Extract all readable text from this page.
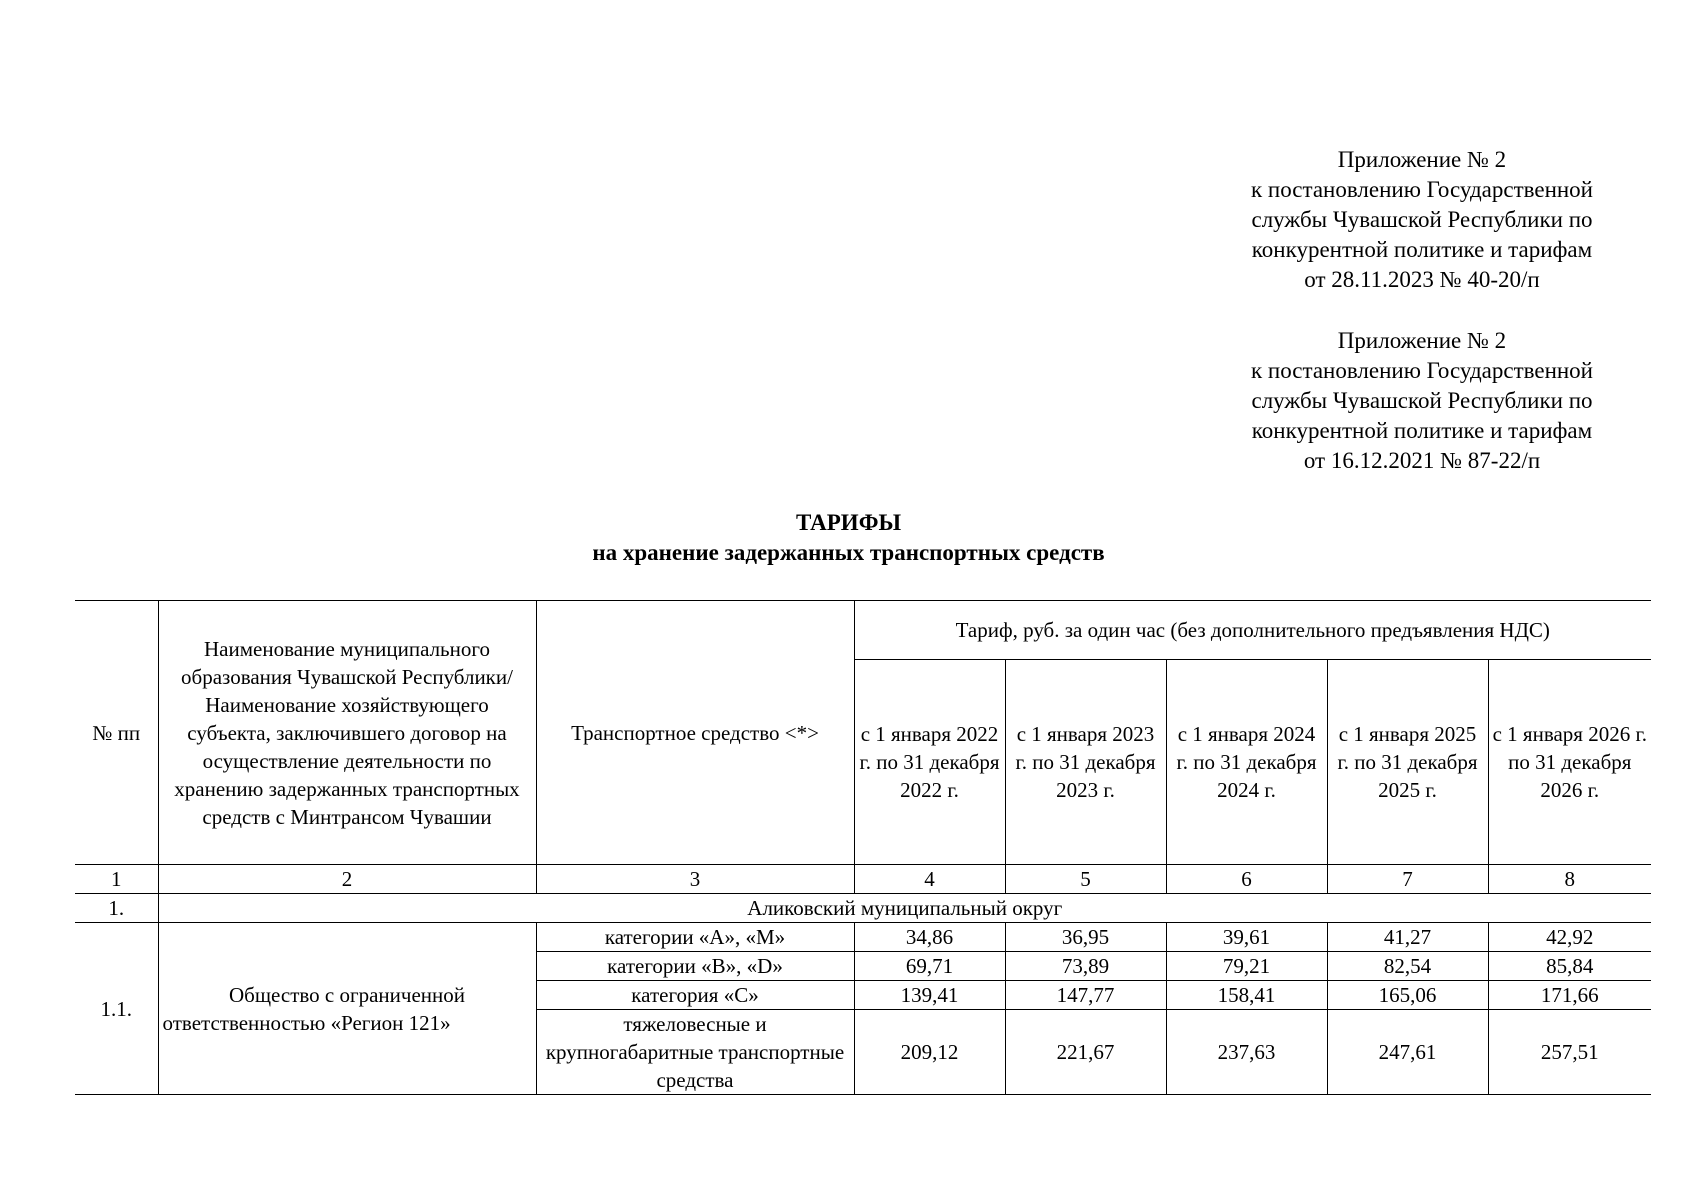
Приложение № 2
к постановлению Государственной
службы Чувашской Республики по
конкурентной политике и тарифам
от 28.11.2023 № 40-20/п
Приложение № 2
к постановлению Государственной
службы Чувашской Республики по
конкурентной политике и тарифам
от 16.12.2021 № 87-22/п
ТАРИФЫ
на хранение задержанных транспортных средств
№ пп	Наименование муниципального образования Чувашской Республики/ Наименование хозяйствующего субъекта, заключившего договор на осуществление деятельности по хранению задержанных транспортных средств с Минтрансом Чувашии	Транспортное средство <*>	Тариф, руб. за один час (без дополнительного предъявления НДС)				
			с 1 января 2022 г. по 31 декабря 2022 г.	с 1 января 2023 г. по 31 декабря 2023 г.	с 1 января 2024 г. по 31 декабря 2024 г.	с 1 января 2025 г. по 31 декабря 2025 г.	с 1 января 2026 г. по 31 декабря 2026 г.
1	2	3	4	5	6	7	8
1.	Аликовский муниципальный округ						
1.1.	Общество с ограниченной ответственностью «Регион 121»	категории «A», «M»	34,86	36,95	39,61	41,27	42,92
		категории «B», «D»	69,71	73,89	79,21	82,54	85,84
		категория «C»	139,41	147,77	158,41	165,06	171,66
		тяжеловесные и крупногабаритные транспортные средства	209,12	221,67	237,63	247,61	257,51
